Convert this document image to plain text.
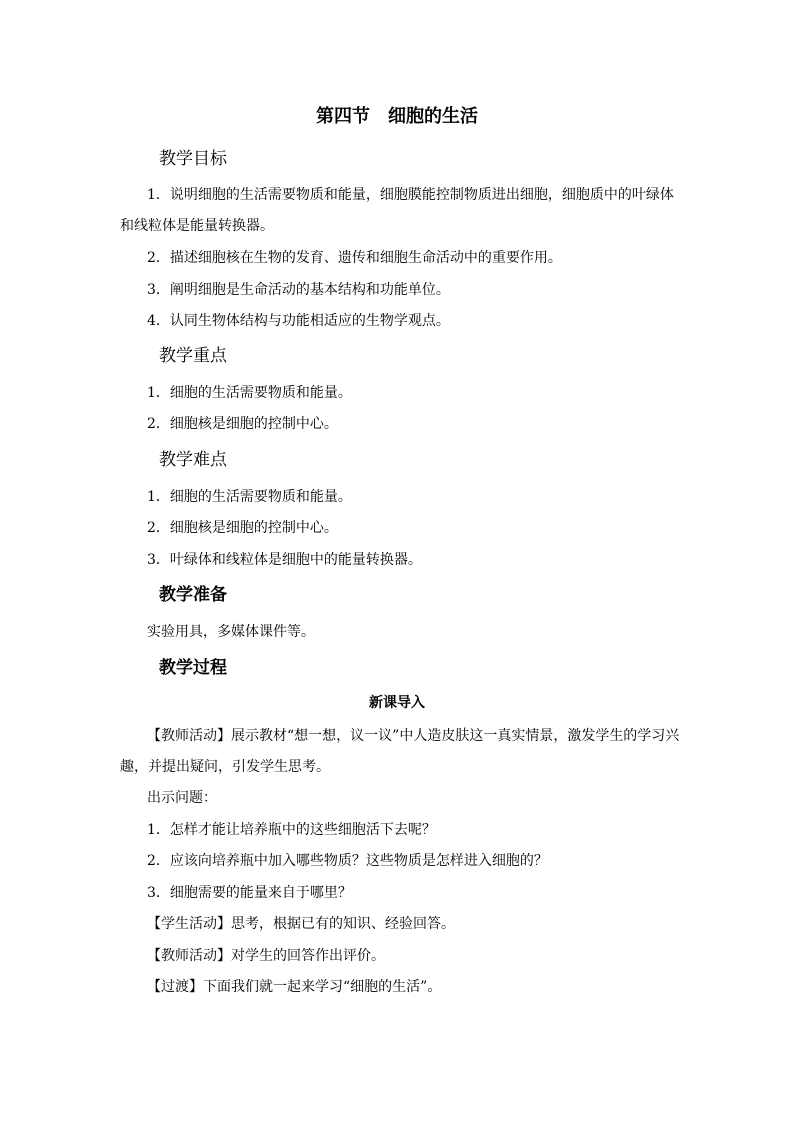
第四节　细胞的生活
教学目标
1．说明细胞的生活需要物质和能量，细胞膜能控制物质进出细胞，细胞质中的叶绿体和线粒体是能量转换器。
2．描述细胞核在生物的发育、遗传和细胞生命活动中的重要作用。
3．阐明细胞是生命活动的基本结构和功能单位。
4．认同生物体结构与功能相适应的生物学观点。
教学重点
1．细胞的生活需要物质和能量。
2．细胞核是细胞的控制中心。
教学难点
1．细胞的生活需要物质和能量。
2．细胞核是细胞的控制中心。
3．叶绿体和线粒体是细胞中的能量转换器。
教学准备
实验用具，多媒体课件等。
教学过程
新课导入
【教师活动】展示教材“想一想，议一议”中人造皮肤这一真实情景，激发学生的学习兴趣，并提出疑问，引发学生思考。
出示问题：
1．怎样才能让培养瓶中的这些细胞活下去呢？
2．应该向培养瓶中加入哪些物质？这些物质是怎样进入细胞的？
3．细胞需要的能量来自于哪里？
【学生活动】思考，根据已有的知识、经验回答。
【教师活动】对学生的回答作出评价。
【过渡】下面我们就一起来学习“细胞的生活”。
